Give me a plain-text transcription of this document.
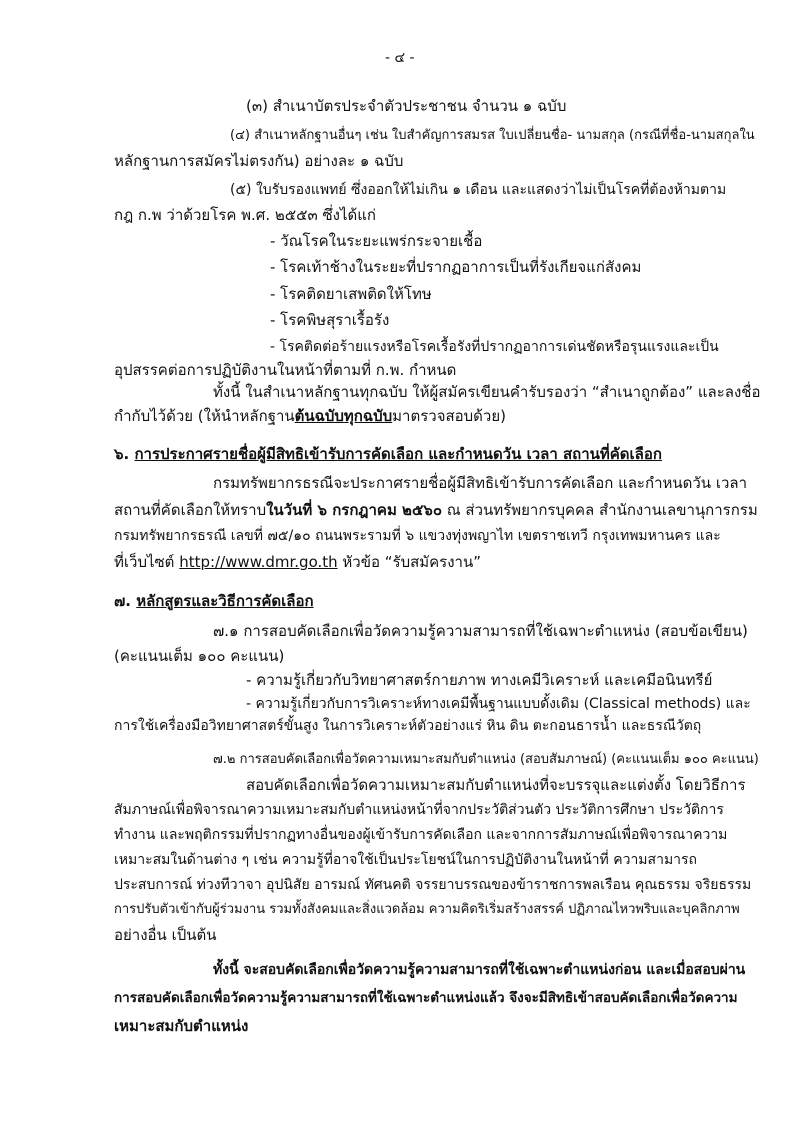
- ๔ -
(๓) สำเนาบัตรประจำตัวประชาชน จำนวน ๑ ฉบับ
(๔) สำเนาหลักฐานอื่นๆ เช่น ใบสำคัญการสมรส ใบเปลี่ยนชื่อ- นามสกุล (กรณีที่ชื่อ-นามสกุลใน
หลักฐานการสมัครไม่ตรงกัน) อย่างละ ๑ ฉบับ
(๕) ใบรับรองแพทย์ ซึ่งออกให้ไม่เกิน ๑ เดือน และแสดงว่าไม่เป็นโรคที่ต้องห้ามตาม
กฎ ก.พ ว่าด้วยโรค พ.ศ. ๒๕๕๓ ซึ่งได้แก่
- วัณโรคในระยะแพร่กระจายเชื้อ
- โรคเท้าช้างในระยะที่ปรากฏอาการเป็นที่รังเกียจแก่สังคม
- โรคติดยาเสพติดให้โทษ
- โรคพิษสุราเรื้อรัง
- โรคติดต่อร้ายแรงหรือโรคเรื้อรังที่ปรากฏอาการเด่นชัดหรือรุนแรงและเป็น
อุปสรรคต่อการปฏิบัติงานในหน้าที่ตามที่ ก.พ. กำหนด
ทั้งนี้ ในสำเนาหลักฐานทุกฉบับ ให้ผู้สมัครเขียนคำรับรองว่า “สำเนาถูกต้อง” และลงชื่อ
กำกับไว้ด้วย (ให้นำหลักฐานต้นฉบับทุกฉบับมาตรวจสอบด้วย)
๖. การประกาศรายชื่อผู้มีสิทธิเข้ารับการคัดเลือก และกำหนดวัน เวลา สถานที่คัดเลือก
กรมทรัพยากรธรณีจะประกาศรายชื่อผู้มีสิทธิเข้ารับการคัดเลือก และกำหนดวัน เวลา
สถานที่คัดเลือกให้ทราบในวันที่ ๖ กรกฎาคม ๒๕๖๐ ณ ส่วนทรัพยากรบุคคล สำนักงานเลขานุการกรม
กรมทรัพยากรธรณี เลขที่ ๗๕/๑๐ ถนนพระรามที่ ๖ แขวงทุ่งพญาไท เขตราชเทวี กรุงเทพมหานคร และ
ที่เว็บไซต์ http://www.dmr.go.th หัวข้อ “รับสมัครงาน”
๗. หลักสูตรและวิธีการคัดเลือก
๗.๑ การสอบคัดเลือกเพื่อวัดความรู้ความสามารถที่ใช้เฉพาะตำแหน่ง (สอบข้อเขียน)
(คะแนนเต็ม ๑๐๐ คะแนน)
- ความรู้เกี่ยวกับวิทยาศาสตร์กายภาพ ทางเคมีวิเคราะห์ และเคมีอนินทรีย์
- ความรู้เกี่ยวกับการวิเคราะห์ทางเคมีพื้นฐานแบบดั้งเดิม (Classical methods) และ
การใช้เครื่องมือวิทยาศาสตร์ขั้นสูง ในการวิเคราะห์ตัวอย่างแร่ หิน ดิน ตะกอนธารน้ำ และธรณีวัตถุ
๗.๒ การสอบคัดเลือกเพื่อวัดความเหมาะสมกับตำแหน่ง (สอบสัมภาษณ์) (คะแนนเต็ม ๑๐๐ คะแนน)
สอบคัดเลือกเพื่อวัดความเหมาะสมกับตำแหน่งที่จะบรรจุและแต่งตั้ง โดยวิธีการ
สัมภาษณ์เพื่อพิจารณาความเหมาะสมกับตำแหน่งหน้าที่จากประวัติส่วนตัว ประวัติการศึกษา ประวัติการ
ทำงาน และพฤติกรรมที่ปรากฏทางอื่นของผู้เข้ารับการคัดเลือก และจากการสัมภาษณ์เพื่อพิจารณาความ
เหมาะสมในด้านต่าง ๆ เช่น ความรู้ที่อาจใช้เป็นประโยชน์ในการปฏิบัติงานในหน้าที่ ความสามารถ
ประสบการณ์ ท่วงทีวาจา อุปนิสัย อารมณ์ ทัศนคติ จรรยาบรรณของข้าราชการพลเรือน คุณธรรม จริยธรรม
การปรับตัวเข้ากับผู้ร่วมงาน รวมทั้งสังคมและสิ่งแวดล้อม ความคิดริเริ่มสร้างสรรค์ ปฏิภาณไหวพริบและบุคลิกภาพ
อย่างอื่น เป็นต้น
ทั้งนี้ จะสอบคัดเลือกเพื่อวัดความรู้ความสามารถที่ใช้เฉพาะตำแหน่งก่อน และเมื่อสอบผ่าน
การสอบคัดเลือกเพื่อวัดความรู้ความสามารถที่ใช้เฉพาะตำแหน่งแล้ว จึงจะมีสิทธิเข้าสอบคัดเลือกเพื่อวัดความ
เหมาะสมกับตำแหน่ง
